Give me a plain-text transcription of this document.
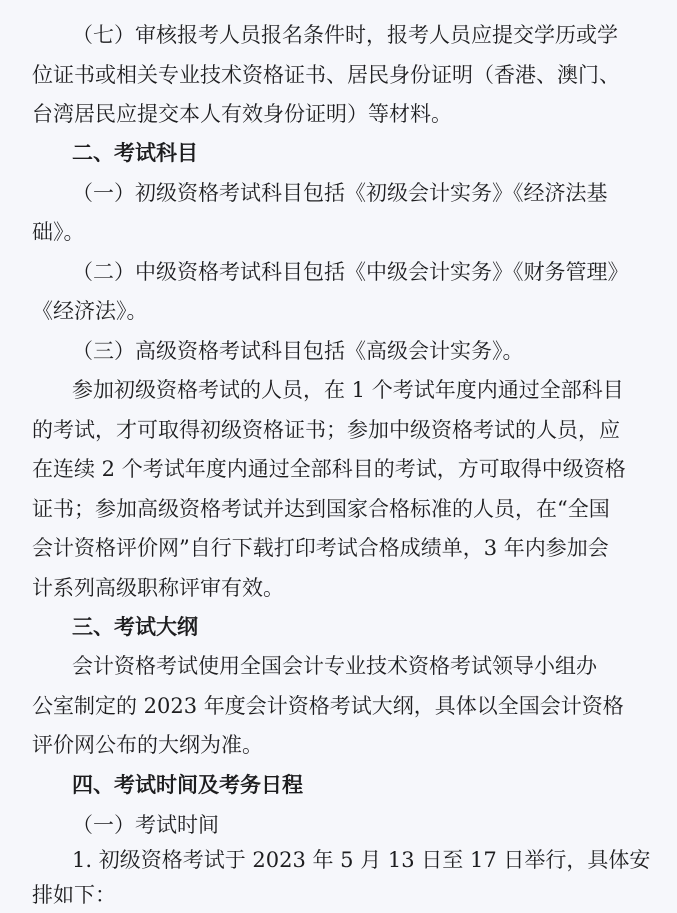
（七）审核报考人员报名条件时，报考人员应提交学历或学
位证书或相关专业技术资格证书、居民身份证明（香港、澳门、
台湾居民应提交本人有效身份证明）等材料。
二、考试科目
（一）初级资格考试科目包括《初级会计实务》《经济法基
础》。
（二）中级资格考试科目包括《中级会计实务》《财务管理》
《经济法》。
（三）高级资格考试科目包括《高级会计实务》。
参加初级资格考试的人员，在 1 个考试年度内通过全部科目
的考试，才可取得初级资格证书；参加中级资格考试的人员，应
在连续 2 个考试年度内通过全部科目的考试，方可取得中级资格
证书；参加高级资格考试并达到国家合格标准的人员，在“全国
会计资格评价网”自行下载打印考试合格成绩单，3 年内参加会
计系列高级职称评审有效。
三、考试大纲
会计资格考试使用全国会计专业技术资格考试领导小组办
公室制定的 2023 年度会计资格考试大纲，具体以全国会计资格
评价网公布的大纲为准。
四、考试时间及考务日程
（一）考试时间
1. 初级资格考试于 2023 年 5 月 13 日至 17 日举行，具体安
排如下：
